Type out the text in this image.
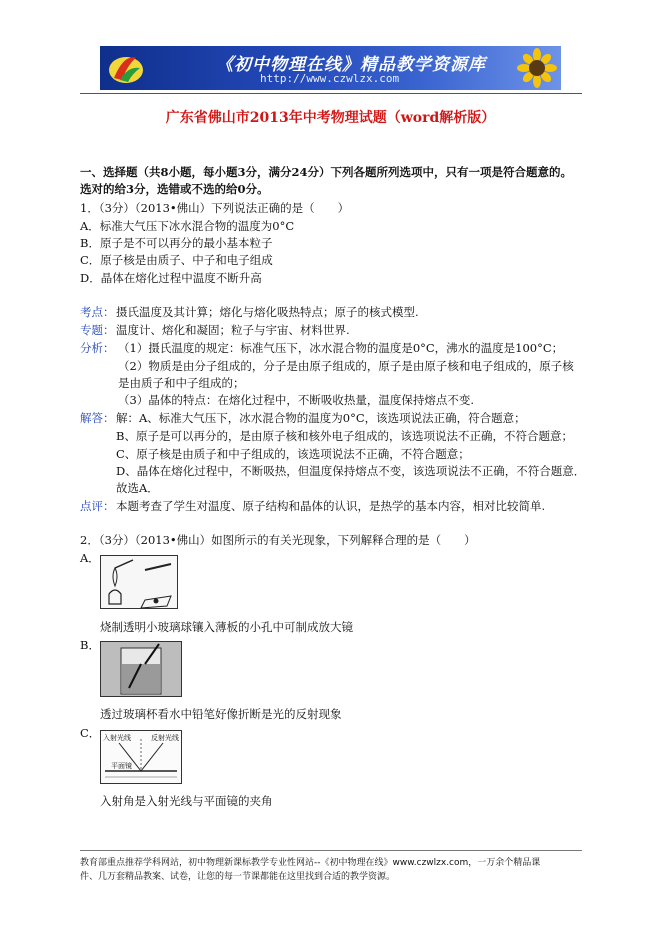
《初中物理在线》精品教学资源库
http://www.czwlzx.com
广东省佛山市2013年中考物理试题（word解析版）
一、选择题（共8小题，每小题3分，满分24分）下列各题所列选项中，只有一项是符合题意的。
选对的给3分，选错或不选的给0分。
1．（3分）（2013•佛山）下列说法正确的是（　　）
A．标准大气压下冰水混合物的温度为0°C
B．原子是不可以再分的最小基本粒子
C．原子核是由质子、中子和电子组成
D．晶体在熔化过程中温度不断升高
考点： 摄氏温度及其计算；熔化与熔化吸热特点；原子的核式模型.
专题： 温度计、熔化和凝固；粒子与宇宙、材料世界.
分析： （1）摄氏温度的规定：标准气压下，冰水混合物的温度是0°C，沸水的温度是100°C；
（2）物质是由分子组成的，分子是由原子组成的，原子是由原子核和电子组成的，原子核
是由质子和中子组成的；
（3）晶体的特点：在熔化过程中，不断吸收热量，温度保持熔点不变.
解答： 解：A、标准大气压下，冰水混合物的温度为0°C，该选项说法正确，符合题意；
B、原子是可以再分的，是由原子核和核外电子组成的，该选项说法不正确，不符合题意；
C、原子核是由质子和中子组成的，该选项说法不正确，不符合题意；
D、晶体在熔化过程中，不断吸热，但温度保持熔点不变，该选项说法不正确，不符合题意．
故选A．
点评： 本题考查了学生对温度、原子结构和晶体的认识，是热学的基本内容，相对比较简单.
2．（3分）（2013•佛山）如图所示的有关光现象，下列解释合理的是（　　）
A．
烧制透明小玻璃球镶入薄板的小孔中可制成放大镜
B．
透过玻璃杯看水中铅笔好像折断是光的反射现象
C． 入射光线	反射光线
平面镜
入射角是入射光线与平面镜的夹角
教育部重点推荐学科网站，初中物理新课标教学专业性网站--《初中物理在线》www.czwlzx.com，一万余个精品课
件、几万套精品教案、试卷，让您的每一节课都能在这里找到合适的教学资源。
